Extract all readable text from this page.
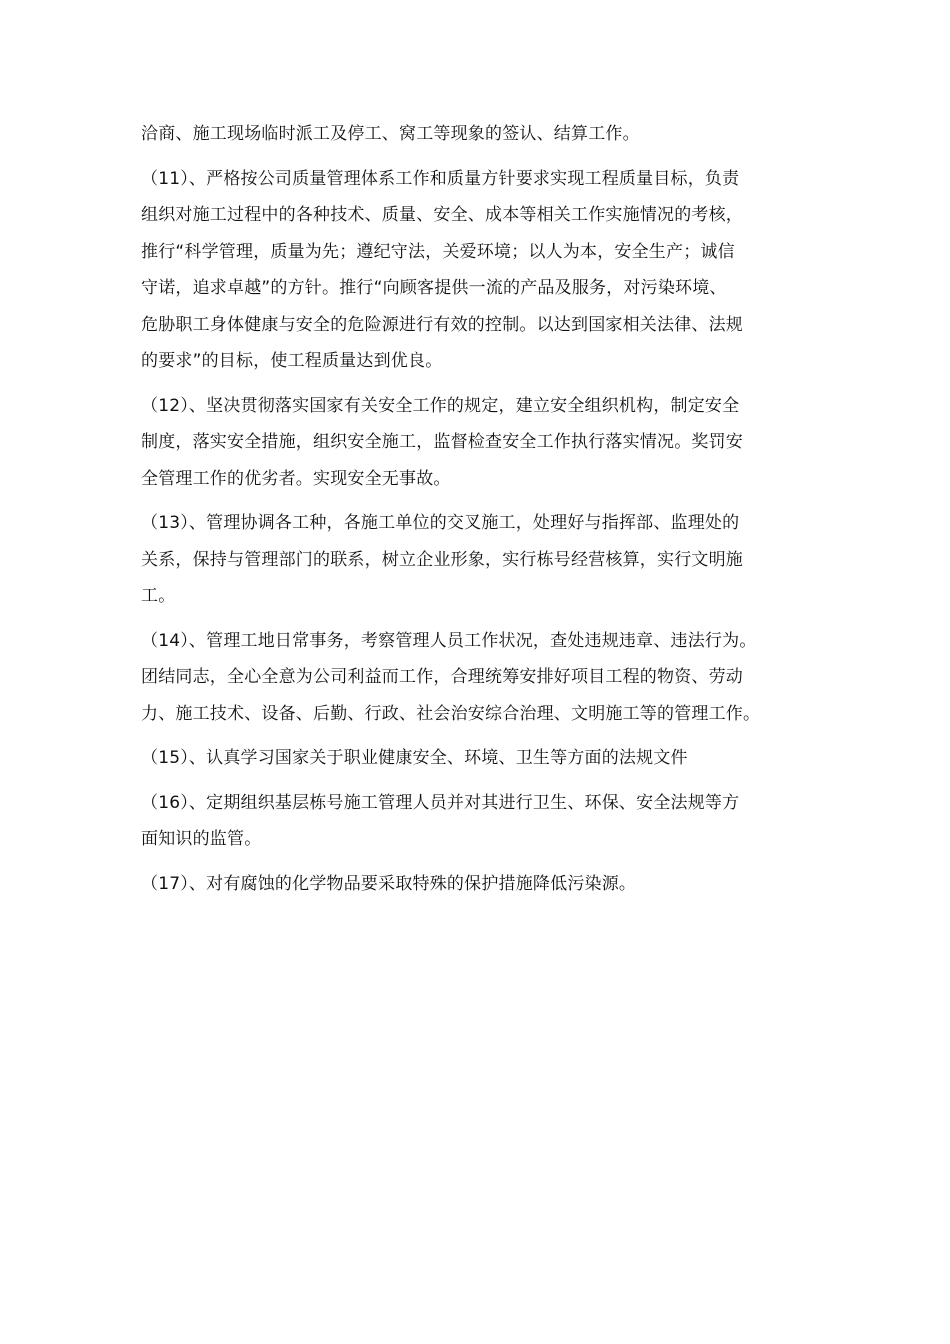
洽商、施工现场临时派工及停工、窝工等现象的签认、结算工作。

（11）、严格按公司质量管理体系工作和质量方针要求实现工程质量目标，负责
组织对施工过程中的各种技术、质量、安全、成本等相关工作实施情况的考核，
推行“科学管理，质量为先；遵纪守法，关爱环境；以人为本，安全生产；诚信
守诺，追求卓越”的方针。推行“向顾客提供一流的产品及服务，对污染环境、
危胁职工身体健康与安全的危险源进行有效的控制。以达到国家相关法律、法规
的要求”的目标，使工程质量达到优良。

（12）、坚决贯彻落实国家有关安全工作的规定，建立安全组织机构，制定安全
制度，落实安全措施，组织安全施工，监督检查安全工作执行落实情况。奖罚安
全管理工作的优劣者。实现安全无事故。

（13）、管理协调各工种，各施工单位的交叉施工，处理好与指挥部、监理处的
关系，保持与管理部门的联系，树立企业形象，实行栋号经营核算，实行文明施
工。

（14）、管理工地日常事务，考察管理人员工作状况，查处违规违章、违法行为。
团结同志，全心全意为公司利益而工作，合理统筹安排好项目工程的物资、劳动
力、施工技术、设备、后勤、行政、社会治安综合治理、文明施工等的管理工作。

（15）、认真学习国家关于职业健康安全、环境、卫生等方面的法规文件

（16）、定期组织基层栋号施工管理人员并对其进行卫生、环保、安全法规等方
面知识的监管。

（17）、对有腐蚀的化学物品要采取特殊的保护措施降低污染源。
